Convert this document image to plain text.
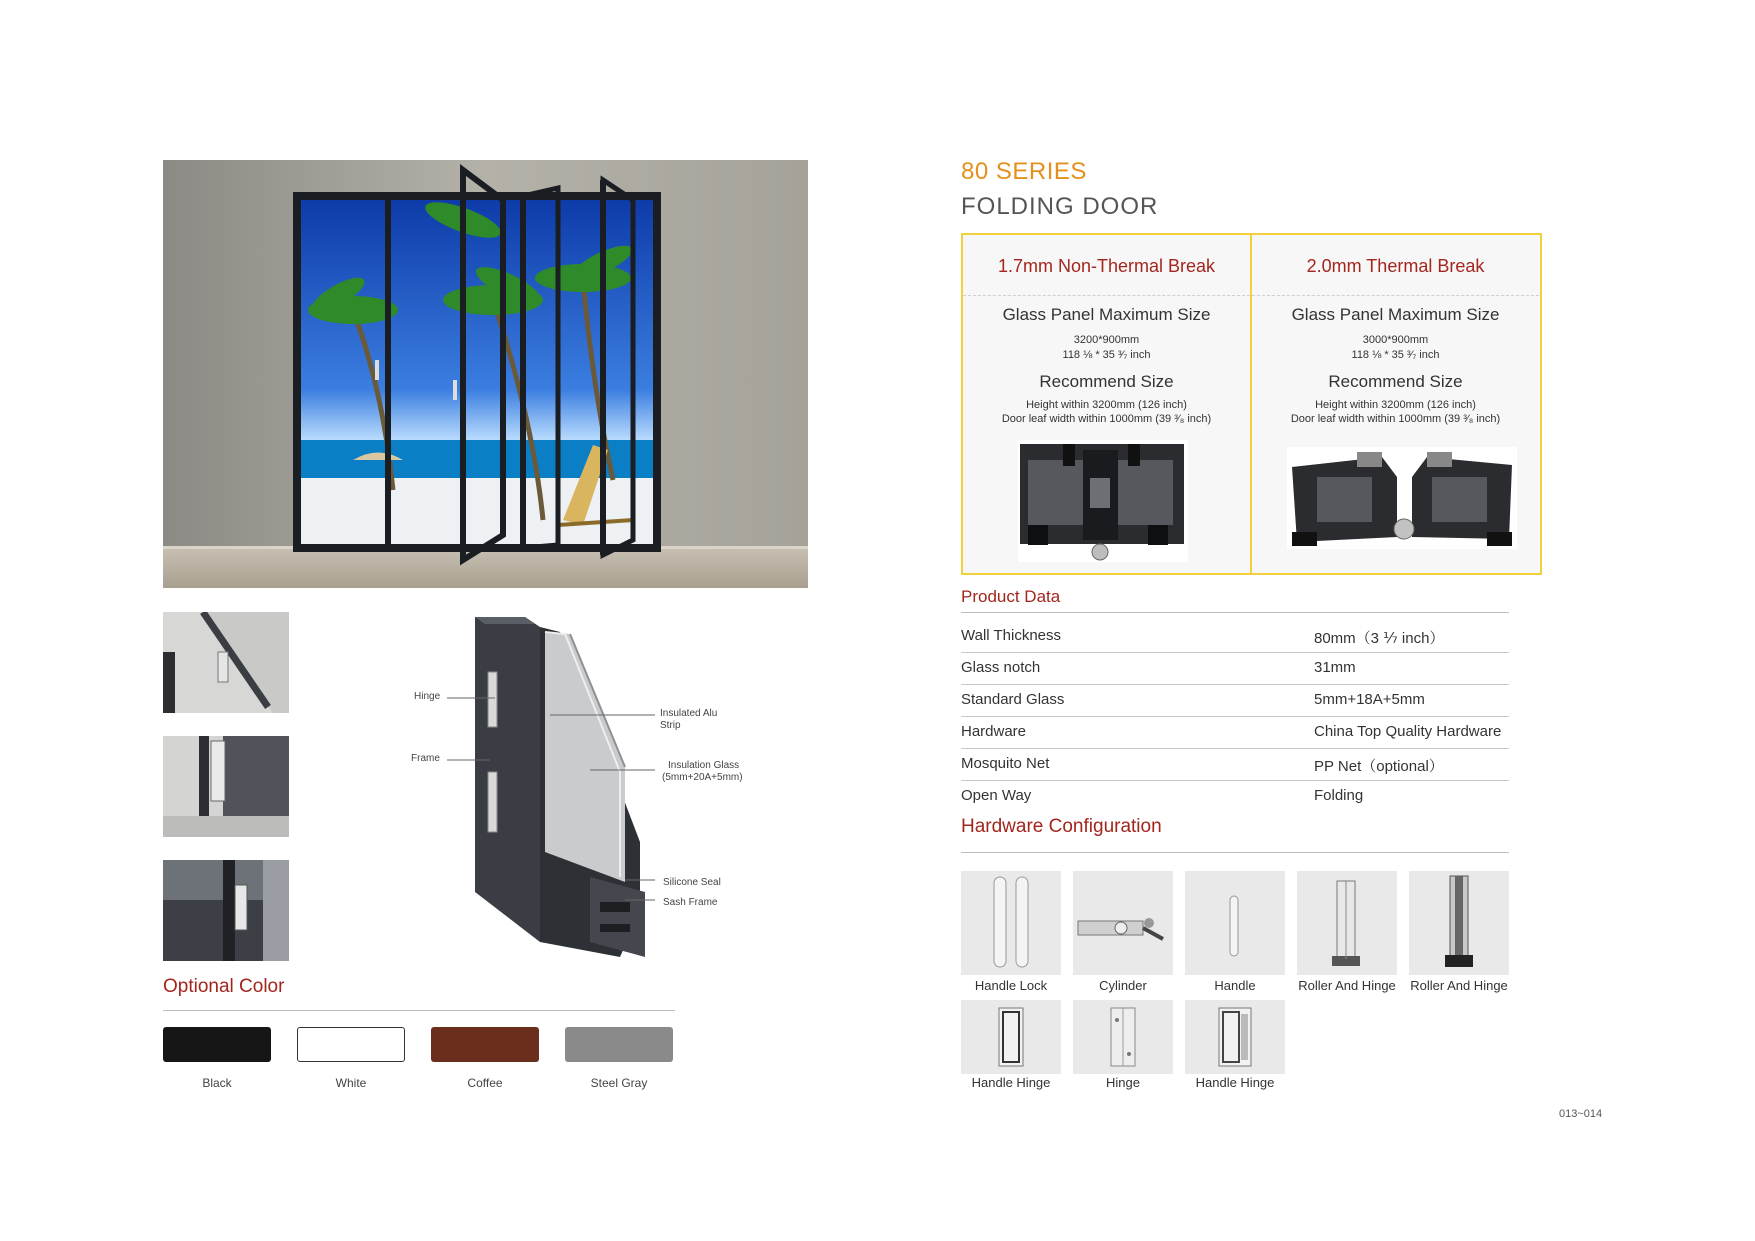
Hinge
Frame
Insulated Alu
Strip
Insulation Glass
(5mm+20A+5mm)
Silicone Seal
Sash Frame
Optional Color
Black	White	Coffee	Steel Gray
80 SERIES
FOLDING DOOR
1.7mm Non-Thermal Break
Glass Panel Maximum Size
3200*900mm
118 ⅛ * 35 ³⁄₇ inch
Recommend Size
Height within 3200mm (126 inch)
Door leaf width within 1000mm (39 ³⁄₈ inch)
2.0mm Thermal Break
Glass Panel Maximum Size
3000*900mm
118 ⅛ * 35 ³⁄₇ inch
Recommend Size
Height within 3200mm (126 inch)
Door leaf width within 1000mm (39 ³⁄₈ inch)
Product Data
Wall Thickness	80mm（3 ⅐ inch）
Glass notch	31mm
Standard Glass	5mm+18A+5mm
Hardware	China Top Quality Hardware
Mosquito Net	PP Net（optional）
Open Way	Folding
Hardware Configuration
Handle Lock	Cylinder	Handle	Roller And Hinge	Roller And Hinge
Handle Hinge	Hinge	Handle Hinge
013~014
